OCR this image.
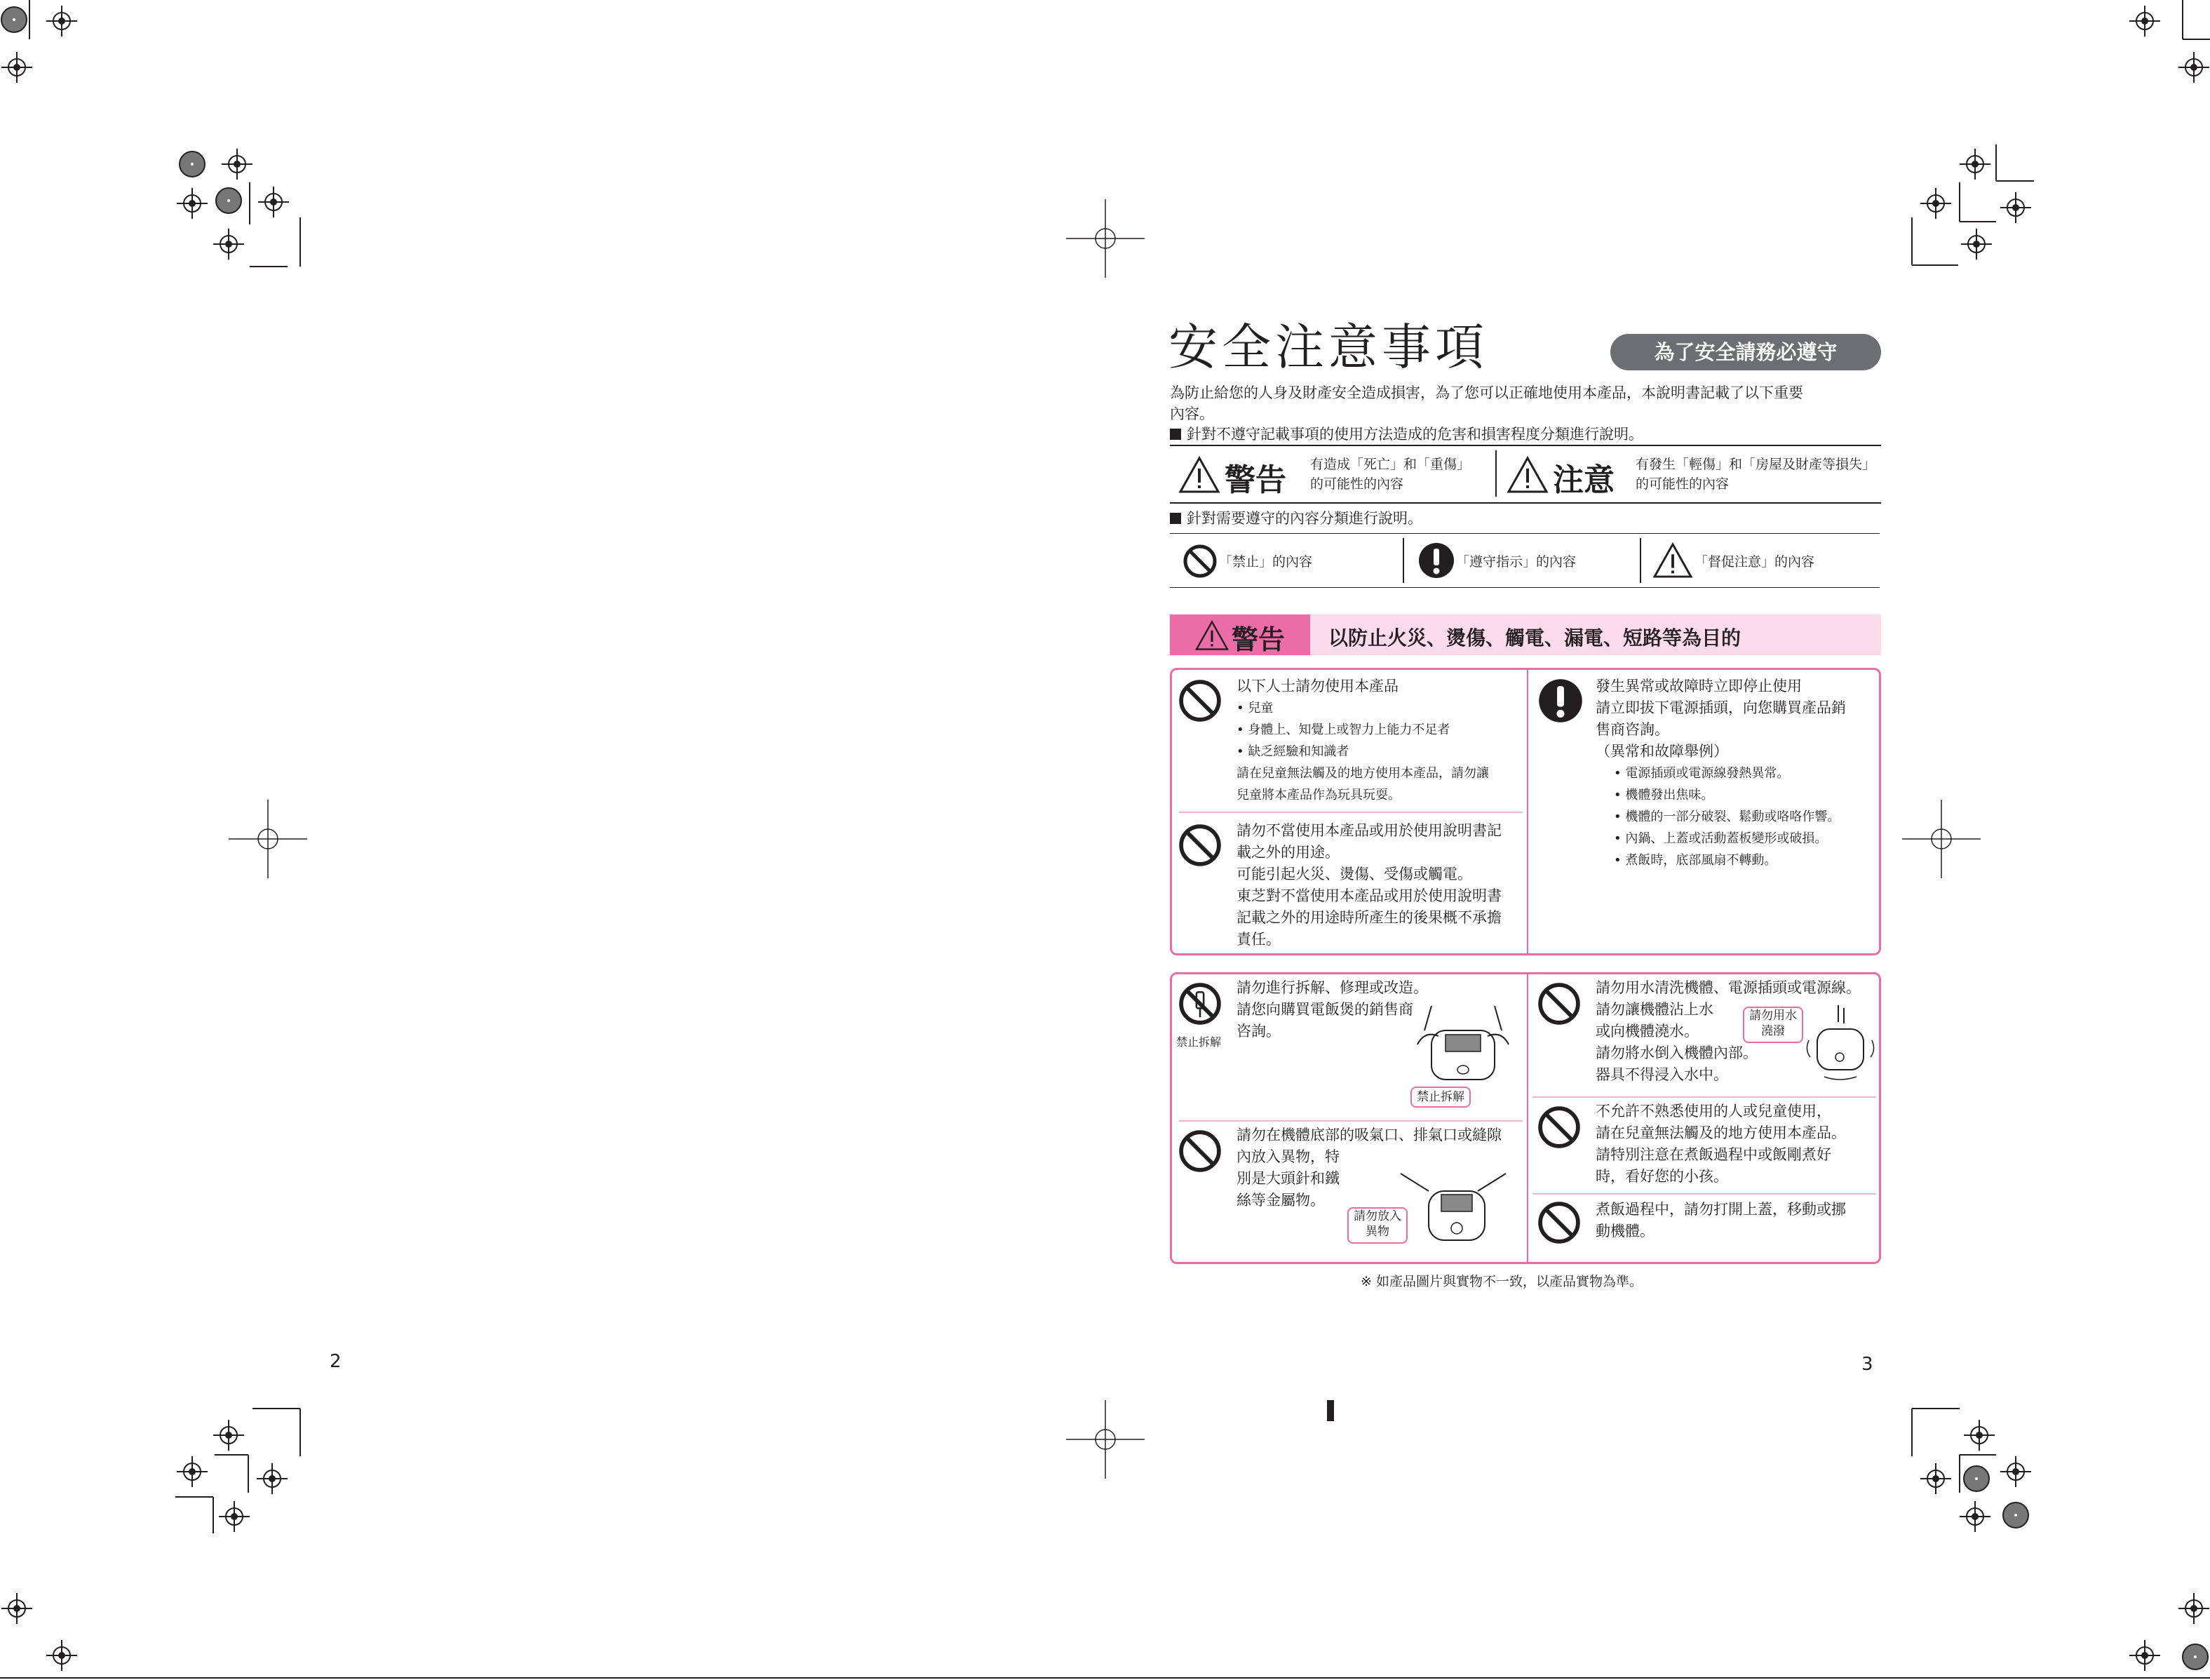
安全注意事項	為了安全請務必遵守
為防止給您的人身及財產安全造成損害，為了您可以正確地使用本產品，本說明書記載了以下重要
內容。
針對不遵守記載事項的使用方法造成的危害和損害程度分類進行說明。
警告 有造成「死亡」和「重傷」
的可能性的內容	注意 有發生「輕傷」和「房屋及財產等損失」
的可能性的內容
針對需要遵守的內容分類進行說明。
「禁止」的內容	「遵守指示」的內容	「督促注意」的內容
警告 以防止火災、燙傷、觸電、漏電、短路等為目的
以下人士請勿使用本產品
• 兒童
• 身體上、知覺上或智力上能力不足者
• 缺乏經驗和知識者
請在兒童無法觸及的地方使用本產品，請勿讓
兒童將本產品作為玩具玩耍。
請勿不當使用本產品或用於使用說明書記
載之外的用途。
可能引起火災、燙傷、受傷或觸電。
東芝對不當使用本產品或用於使用說明書
記載之外的用途時所產生的後果概不承擔
責任。
發生異常或故障時立即停止使用
請立即拔下電源插頭，向您購買產品銷
售商咨詢。
（異常和故障舉例）
• 電源插頭或電源線發熱異常。
• 機體發出焦味。
• 機體的一部分破裂、鬆動或咯咯作響。
• 內鍋、上蓋或活動蓋板變形或破損。
• 煮飯時，底部風扇不轉動。
禁止拆解
請勿進行拆解、修理或改造。
請您向購買電飯煲的銷售商
咨詢。
禁止拆解
請勿在機體底部的吸氣口、排氣口或縫隙
內放入異物，特
別是大頭針和鐵
絲等金屬物。
請勿放入
異物
請勿用水清洗機體、電源插頭或電源線。
請勿讓機體沾上水
或向機體澆水。
請勿將水倒入機體內部。
器具不得浸入水中。
請勿用水
澆潑
不允許不熟悉使用的人或兒童使用，
請在兒童無法觸及的地方使用本產品。
請特別注意在煮飯過程中或飯剛煮好
時，看好您的小孩。
煮飯過程中，請勿打開上蓋，移動或挪
動機體。
※ 如產品圖片與實物不一致，以產品實物為準。
2	3
